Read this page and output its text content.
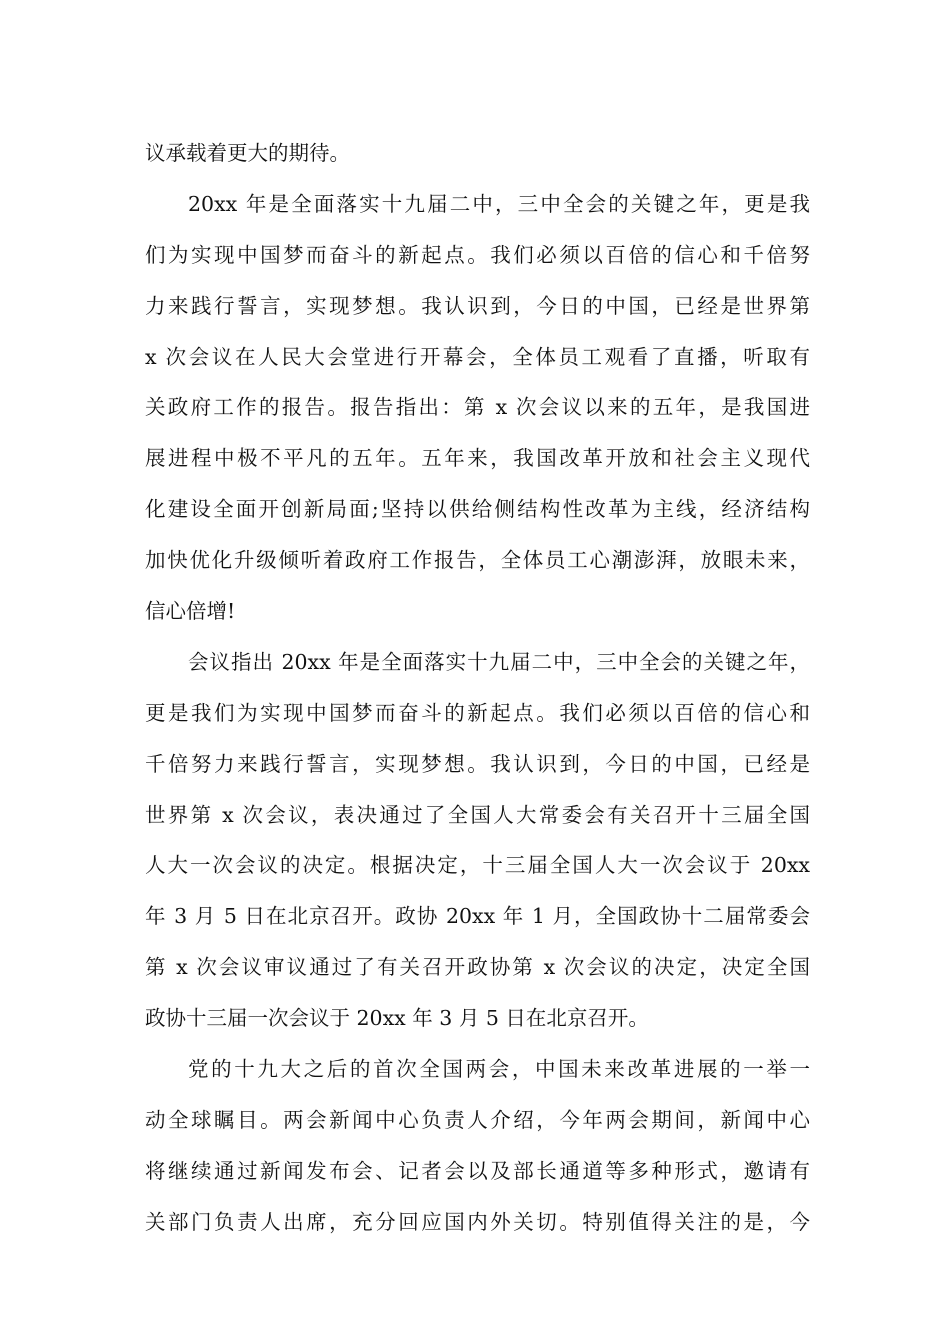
议承载着更大的期待。
20xx 年是全面落实十九届二中，三中全会的关键之年，更是我
们为实现中国梦而奋斗的新起点。我们必须以百倍的信心和千倍努
力来践行誓言，实现梦想。我认识到，今日的中国，已经是世界第
x 次会议在人民大会堂进行开幕会，全体员工观看了直播，听取有
关政府工作的报告。报告指出：第 x 次会议以来的五年，是我国进
展进程中极不平凡的五年。五年来，我国改革开放和社会主义现代
化建设全面开创新局面;坚持以供给侧结构性改革为主线，经济结构
加快优化升级倾听着政府工作报告，全体员工心潮澎湃，放眼未来，
信心倍增!
会议指出 20xx 年是全面落实十九届二中，三中全会的关键之年，
更是我们为实现中国梦而奋斗的新起点。我们必须以百倍的信心和
千倍努力来践行誓言，实现梦想。我认识到，今日的中国，已经是
世界第 x 次会议，表决通过了全国人大常委会有关召开十三届全国
人大一次会议的决定。根据决定，十三届全国人大一次会议于 20xx
年 3 月 5 日在北京召开。政协 20xx 年 1 月，全国政协十二届常委会
第 x 次会议审议通过了有关召开政协第 x 次会议的决定，决定全国
政协十三届一次会议于 20xx 年 3 月 5 日在北京召开。
党的十九大之后的首次全国两会，中国未来改革进展的一举一
动全球瞩目。两会新闻中心负责人介绍，今年两会期间，新闻中心
将继续通过新闻发布会、记者会以及部长通道等多种形式，邀请有
关部门负责人出席，充分回应国内外关切。特别值得关注的是，今
